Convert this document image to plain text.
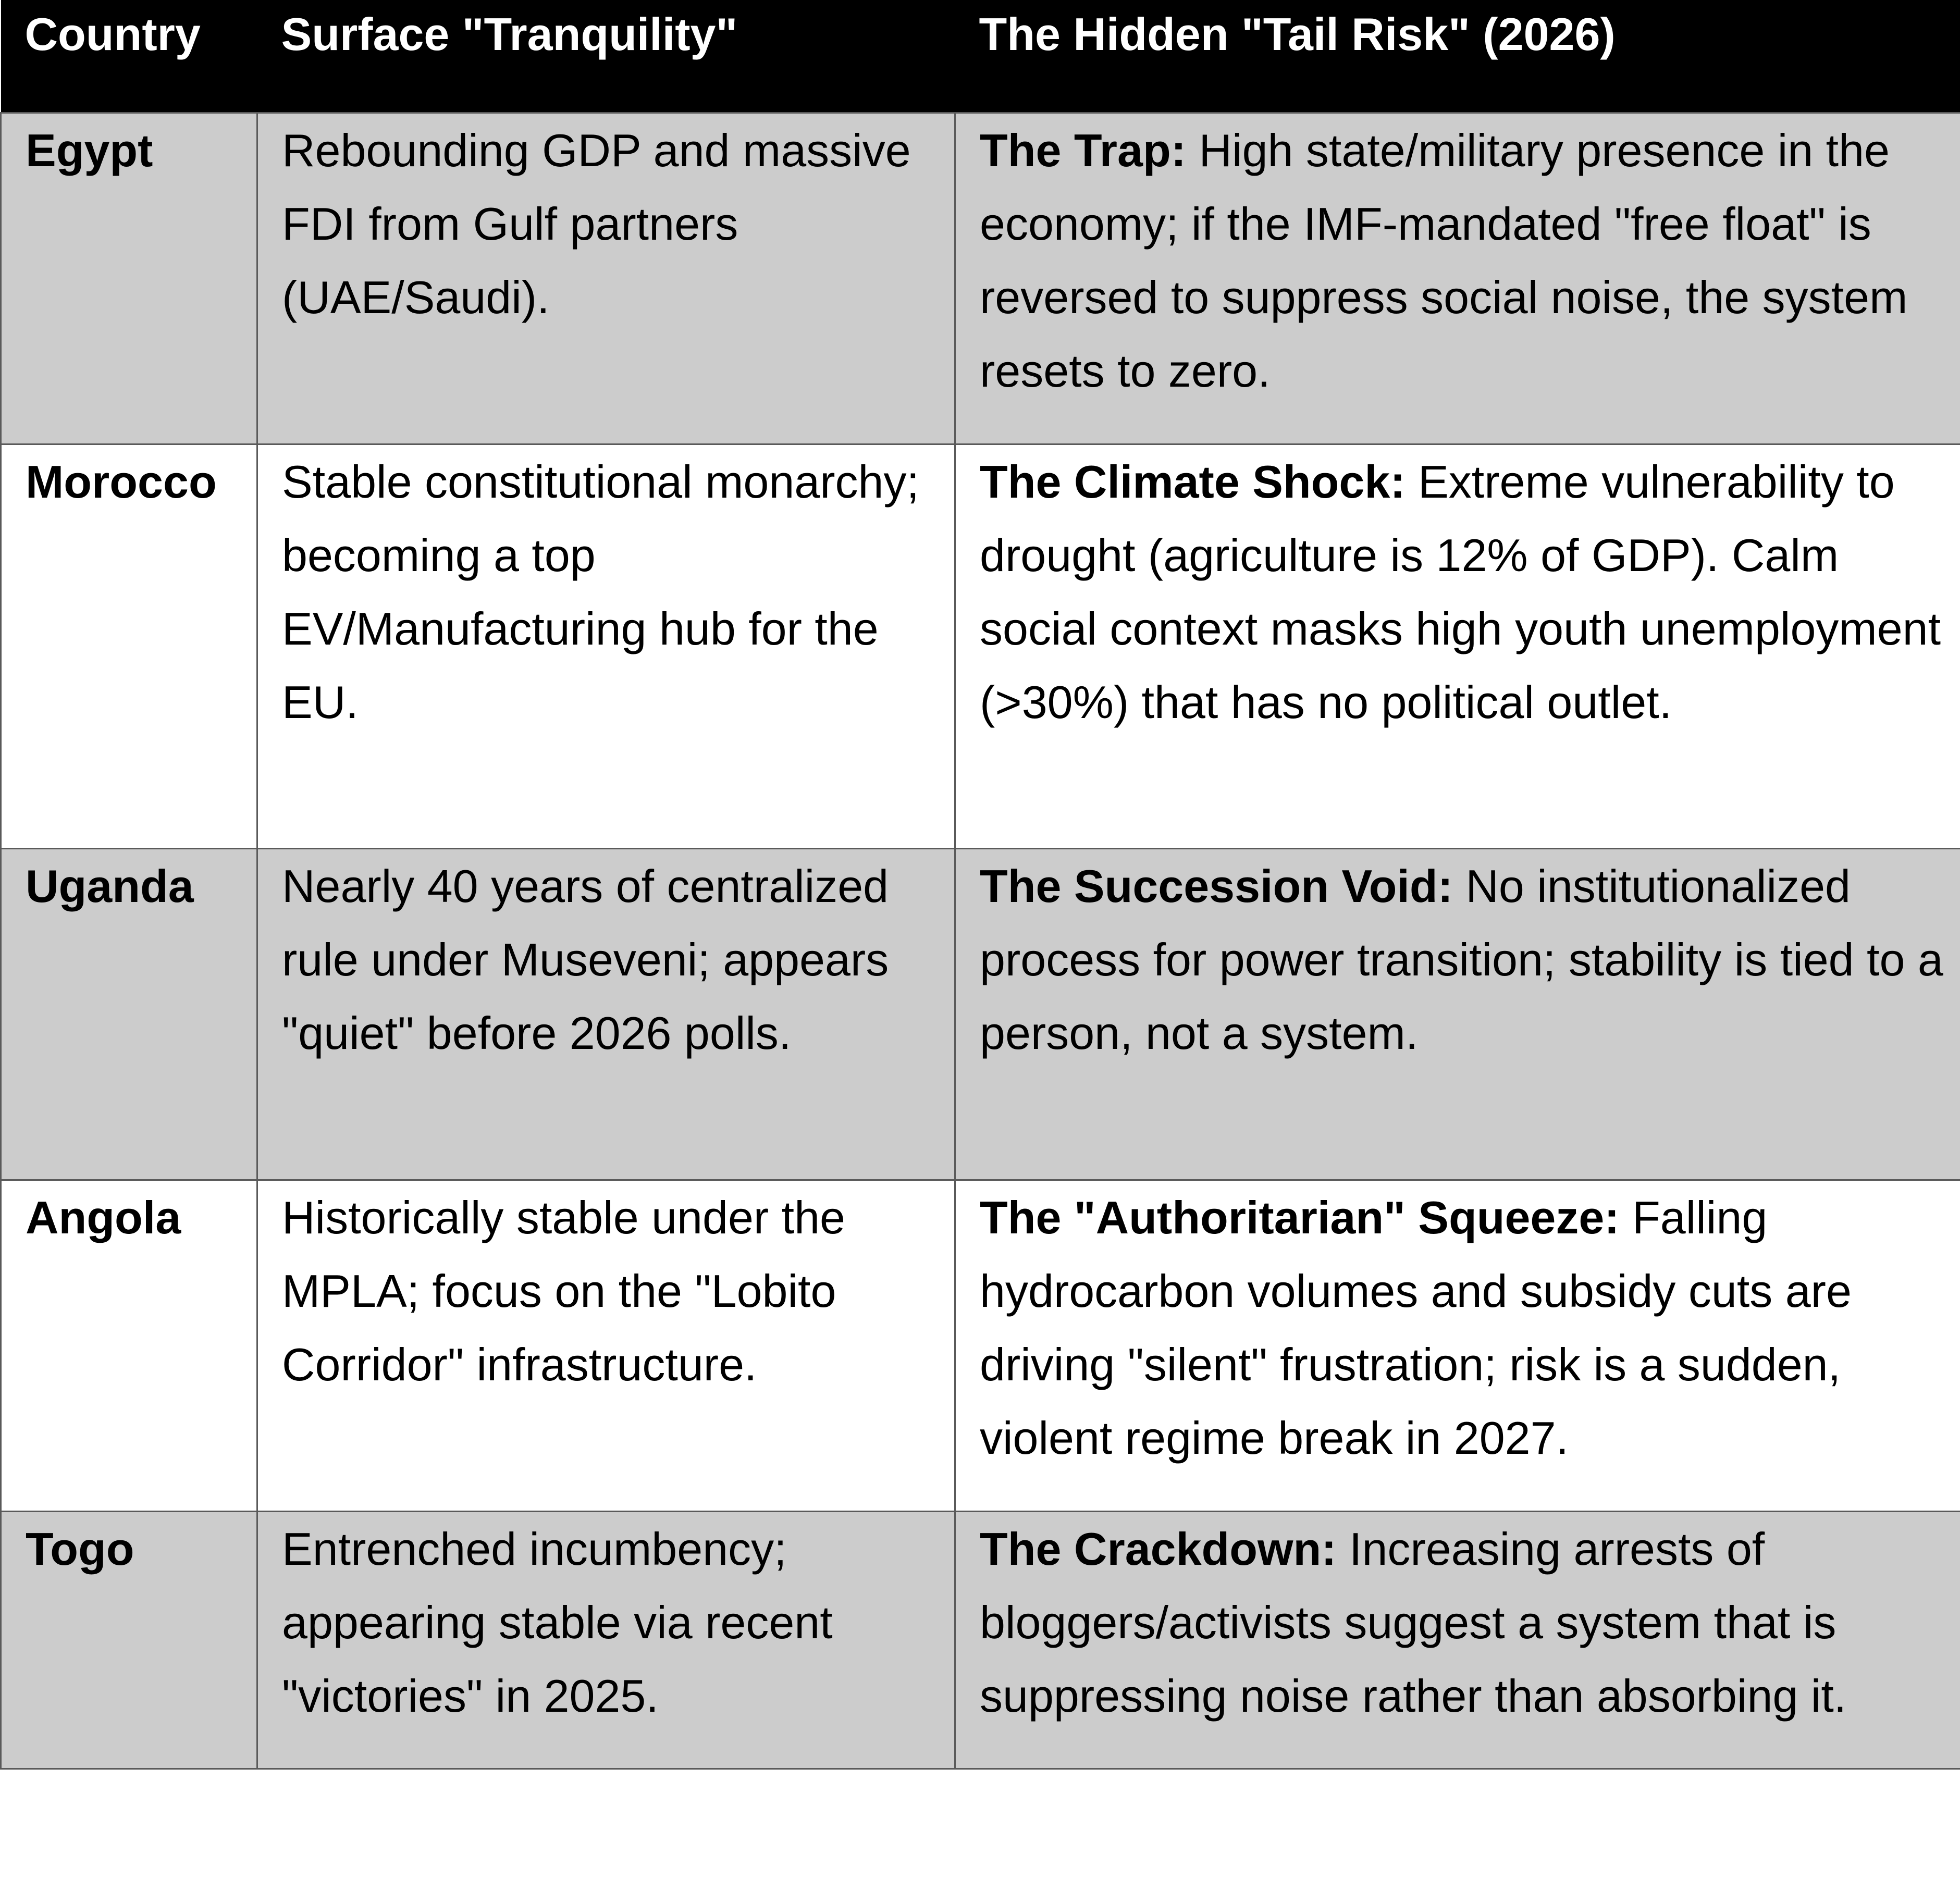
Country	Surface "Tranquility"	The Hidden "Tail Risk" (2026)
Egypt	Rebounding GDP and massive FDI from Gulf partners (UAE/Saudi).	The Trap: High state/military presence in the economy; if the IMF-mandated "free float" is reversed to suppress social noise, the system resets to zero.
Morocco	Stable constitutional monarchy; becoming a top EV/Manufacturing hub for the EU.	The Climate Shock: Extreme vulnerability to drought (agriculture is 12% of GDP). Calm social context masks high youth unemployment (>30%) that has no political outlet.
Uganda	Nearly 40 years of centralized rule under Museveni; appears "quiet" before 2026 polls.	The Succession Void: No institutionalized process for power transition; stability is tied to a person, not a system.
Angola	Historically stable under the MPLA; focus on the "Lobito Corridor" infrastructure.	The "Authoritarian" Squeeze: Falling hydrocarbon volumes and subsidy cuts are driving "silent" frustration; risk is a sudden, violent regime break in 2027.
Togo	Entrenched incumbency; appearing stable via recent "victories" in 2025.	The Crackdown: Increasing arrests of bloggers/activists suggest a system that is suppressing noise rather than absorbing it.
